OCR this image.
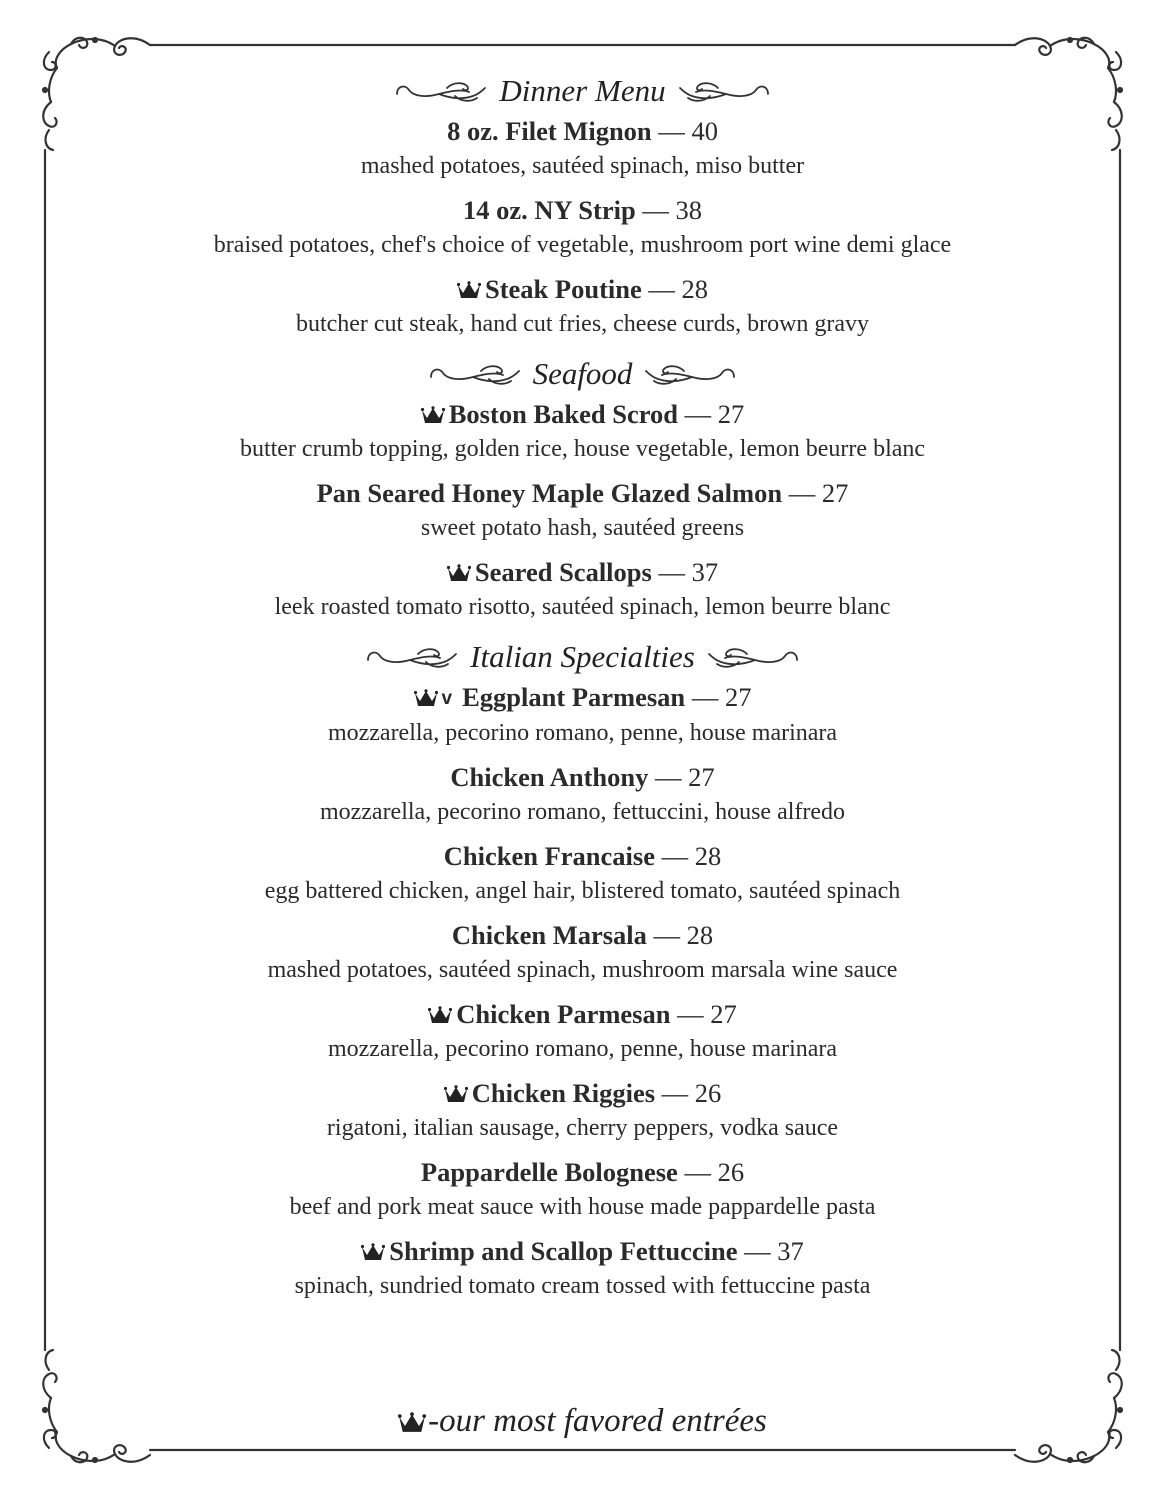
Dinner Menu
8 oz. Filet Mignon — 40
mashed potatoes, sautéed spinach, miso butter
14 oz. NY Strip — 38
braised potatoes, chef's choice of vegetable, mushroom port wine demi glace
Steak Poutine — 28
butcher cut steak, hand cut fries, cheese curds, brown gravy
Seafood
Boston Baked Scrod — 27
butter crumb topping, golden rice, house vegetable, lemon beurre blanc
Pan Seared Honey Maple Glazed Salmon — 27
sweet potato hash, sautéed greens
Seared Scallops — 37
leek roasted tomato risotto, sautéed spinach, lemon beurre blanc
Italian Specialties
v Eggplant Parmesan — 27
mozzarella, pecorino romano, penne, house marinara
Chicken Anthony — 27
mozzarella, pecorino romano, fettuccini, house alfredo
Chicken Francaise — 28
egg battered chicken, angel hair, blistered tomato, sautéed spinach
Chicken Marsala — 28
mashed potatoes, sautéed spinach, mushroom marsala wine sauce
Chicken Parmesan — 27
mozzarella, pecorino romano, penne, house marinara
Chicken Riggies — 26
rigatoni, italian sausage, cherry peppers, vodka sauce
Pappardelle Bolognese — 26
beef and pork meat sauce with house made pappardelle pasta
Shrimp and Scallop Fettuccine — 37
spinach, sundried tomato cream tossed with fettuccine pasta
-our most favored entrées
